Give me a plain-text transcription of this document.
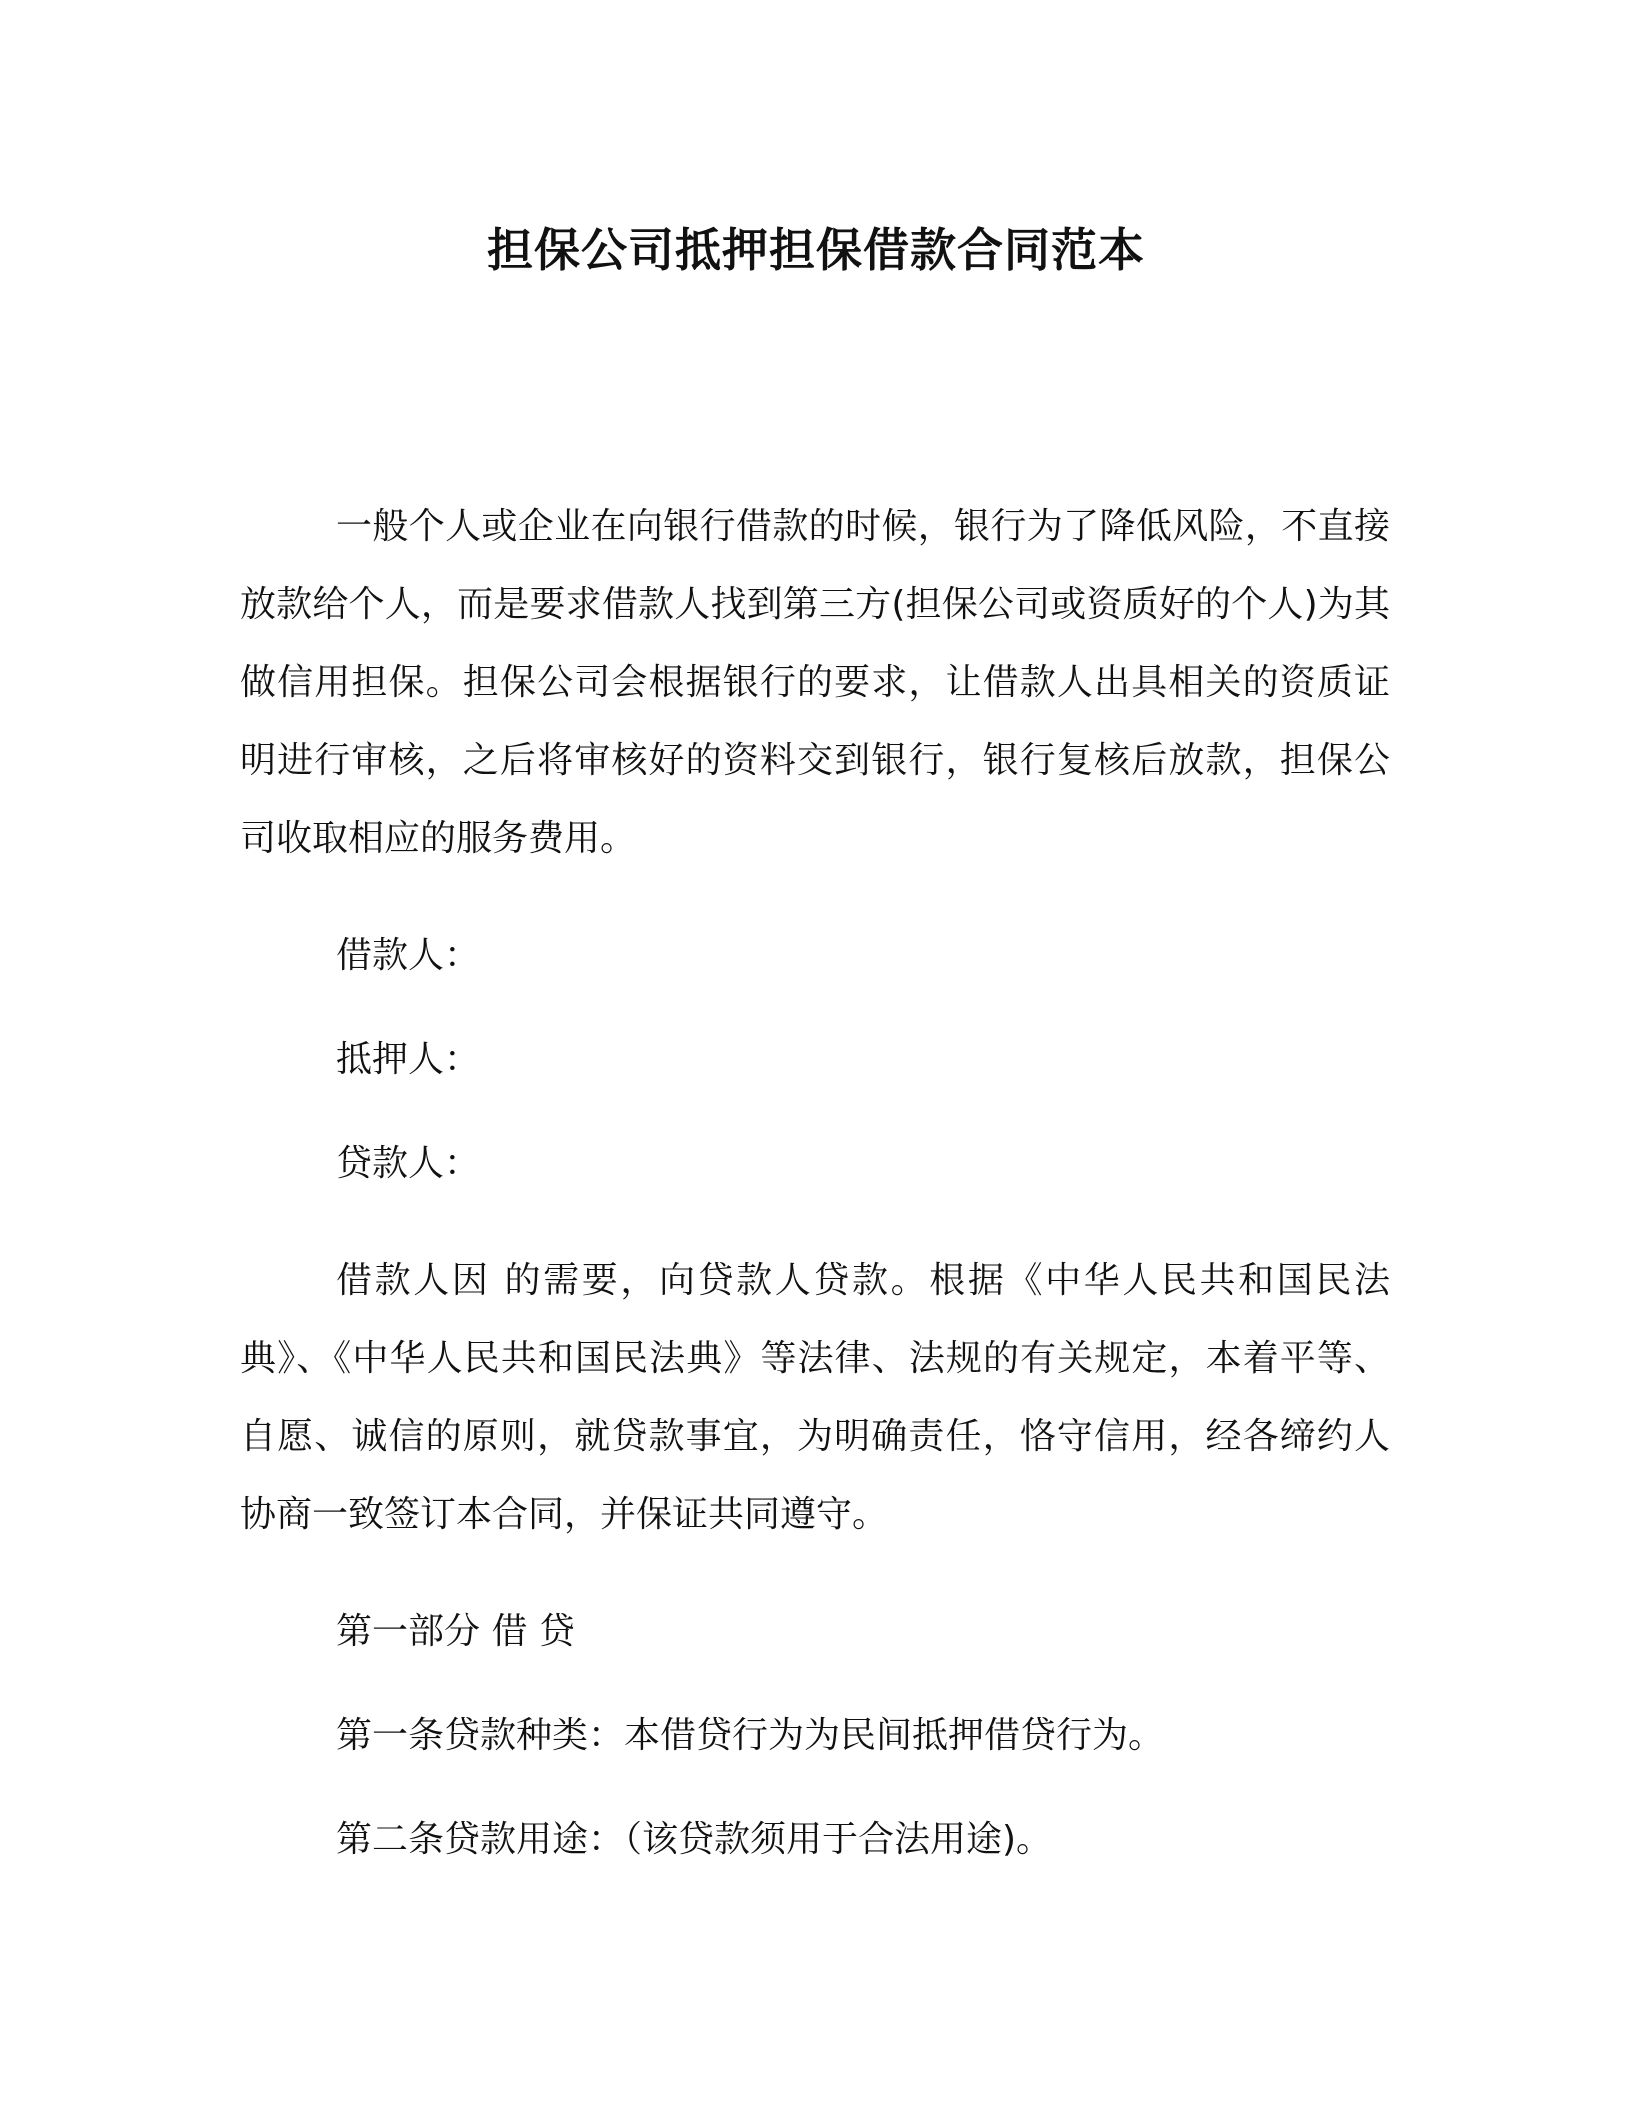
担保公司抵押担保借款合同范本

一般个人或企业在向银行借款的时候，银行为了降低风险，不直接放款给个人，而是要求借款人找到第三方(担保公司或资质好的个人)为其做信用担保。担保公司会根据银行的要求，让借款人出具相关的资质证明进行审核，之后将审核好的资料交到银行，银行复核后放款，担保公司收取相应的服务费用。

借款人：

抵押人：

贷款人：

借款人因 的需要，向贷款人贷款。根据《中华人民共和国民法典》、《中华人民共和国民法典》等法律、法规的有关规定，本着平等、自愿、诚信的原则，就贷款事宜，为明确责任，恪守信用，经各缔约人协商一致签订本合同，并保证共同遵守。

第一部分 借 贷

第一条贷款种类：本借贷行为为民间抵押借贷行为。

第二条贷款用途：（该贷款须用于合法用途)。
